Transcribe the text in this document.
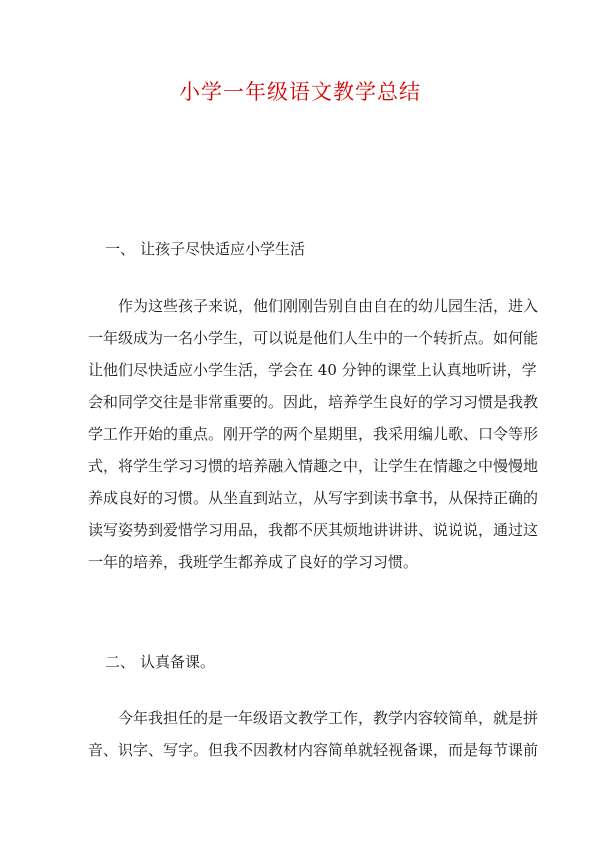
小学一年级语文教学总结
一、 让孩子尽快适应小学生活

作为这些孩子来说，他们刚刚告别自由自在的幼儿园生活，进入
一年级成为一名小学生，可以说是他们人生中的一个转折点。如何能
让他们尽快适应小学生活，学会在 40 分钟的课堂上认真地听讲，学
会和同学交往是非常重要的。因此，培养学生良好的学习习惯是我教
学工作开始的重点。刚开学的两个星期里，我采用编儿歌、口令等形
式，将学生学习习惯的培养融入情趣之中，让学生在情趣之中慢慢地
养成良好的习惯。从坐直到站立，从写字到读书拿书，从保持正确的
读写姿势到爱惜学习用品，我都不厌其烦地讲讲讲、说说说，通过这
一年的培养，我班学生都养成了良好的学习习惯。

二、 认真备课。

今年我担任的是一年级语文教学工作，教学内容较简单，就是拼
音、识字、写字。但我不因教材内容简单就轻视备课，而是每节课前
